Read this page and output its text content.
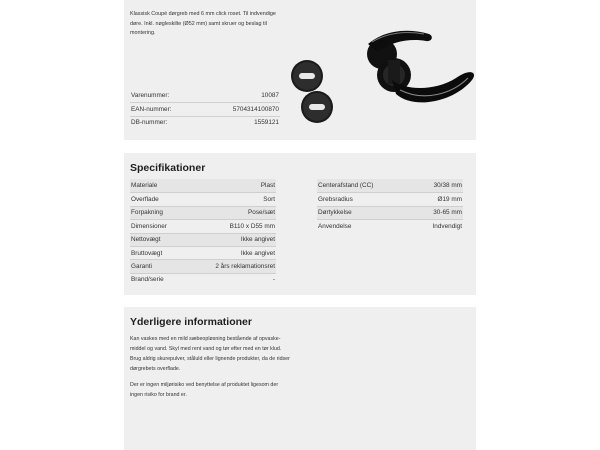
Klassisk Coupé dørgreb med 6 mm click roset. Til indvendige døre. Inkl. nøgleskilte (Ø52 mm) samt skruer og beslag til montering.

Varenummer:	10087
EAN-nummer:	5704314100870
DB-nummer:	1559121
Specifikationer
Materiale	Plast
Overflade	Sort
Forpakning	Pose/sæt
Dimensioner	B110 x D55 mm
Nettovægt	Ikke angivet
Bruttovægt	Ikke angivet
Garanti	2 års reklamationsret
Brand/serie	-
Centerafstand (CC)	30/38 mm
Grebsradius	Ø19 mm
Dørtykkelse	30-65 mm
Anvendelse	Indvendigt
Yderligere informationer

Kan vaskes med en mild sæbeopløsning bestående af opvaske-middel og vand. Skyl med rent vand og tør efter med en tør klud. Brug aldrig skurepulver, ståluld eller lignende produkter, da de ridser dørgrebets overflade.

Der er ingen miljørisiko ved benyttelse af produktet ligesom der ingen risiko for brand er.
